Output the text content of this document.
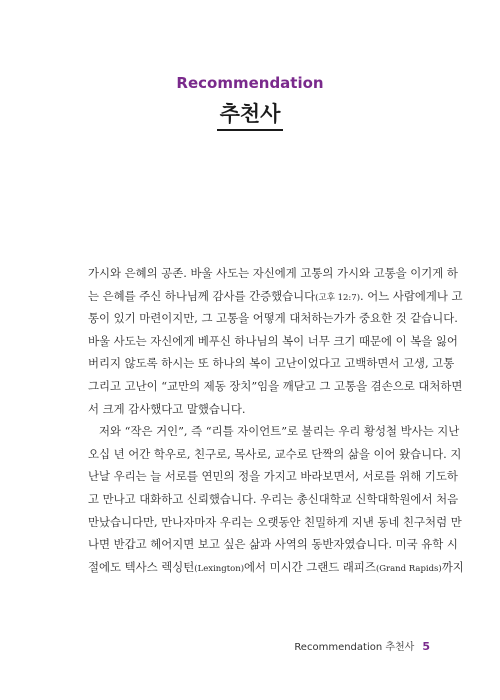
Recommendation
추천사
가시와 은혜의 공존. 바울 사도는 자신에게 고통의 가시와 고통을 이기게 하
는 은혜를 주신 하나님께 감사를 간증했습니다(고후 12:7). 어느 사람에게나 고
통이 있기 마련이지만, 그 고통을 어떻게 대처하는가가 중요한 것 같습니다.
바울 사도는 자신에게 베푸신 하나님의 복이 너무 크기 때문에 이 복을 잃어
버리지 않도록 하시는 또 하나의 복이 고난이었다고 고백하면서 고생, 고통
그리고 고난이 “교만의 제동 장치”임을 깨닫고 그 고통을 겸손으로 대처하면
서 크게 감사했다고 말했습니다.
저와 “작은 거인”, 즉 “리틀 자이언트”로 불리는 우리 황성철 박사는 지난
오십 년 어간 학우로, 친구로, 목사로, 교수로 단짝의 삶을 이어 왔습니다. 지
난날 우리는 늘 서로를 연민의 정을 가지고 바라보면서, 서로를 위해 기도하
고 만나고 대화하고 신뢰했습니다. 우리는 총신대학교 신학대학원에서 처음
만났습니다만, 만나자마자 우리는 오랫동안 친밀하게 지낸 동네 친구처럼 만
나면 반갑고 헤어지면 보고 싶은 삶과 사역의 동반자였습니다. 미국 유학 시
절에도 텍사스 렉싱턴(Lexington)에서 미시간 그랜드 래피즈(Grand Rapids)까지
Recommendation 추천사 5
